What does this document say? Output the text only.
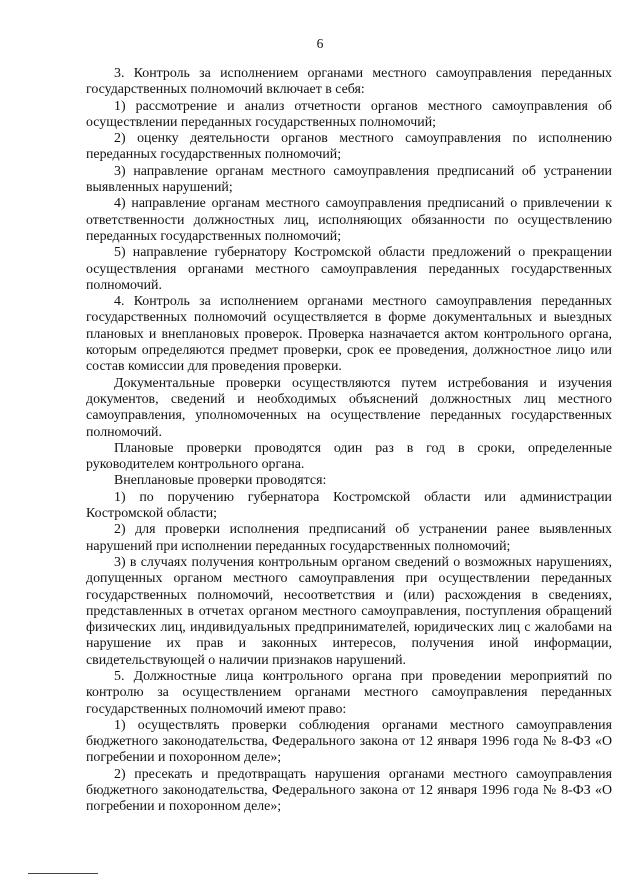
6

3. Контроль за исполнением органами местного самоуправления переданных государственных полномочий включает в себя:

1) рассмотрение и анализ отчетности органов местного самоуправления об осуществлении переданных государственных полномочий;

2) оценку деятельности органов местного самоуправления по исполнению переданных государственных полномочий;

3) направление органам местного самоуправления предписаний об устранении выявленных нарушений;

4) направление органам местного самоуправления предписаний о привлечении к ответственности должностных лиц, исполняющих обязанности по осуществлению переданных государственных полномочий;

5) направление губернатору Костромской области предложений о прекращении осуществления органами местного самоуправления переданных государственных полномочий.

4. Контроль за исполнением органами местного самоуправления переданных государственных полномочий осуществляется в форме документальных и выездных плановых и внеплановых проверок. Проверка назначается актом контрольного органа, которым определяются предмет проверки, срок ее проведения, должностное лицо или состав комиссии для проведения проверки.

Документальные проверки осуществляются путем истребования и изучения документов, сведений и необходимых объяснений должностных лиц местного самоуправления, уполномоченных на осуществление переданных государственных полномочий.

Плановые проверки проводятся один раз в год в сроки, определенные руководителем контрольного органа.

Внеплановые проверки проводятся:

1) по поручению губернатора Костромской области или администрации Костромской области;

2) для проверки исполнения предписаний об устранении ранее выявленных нарушений при исполнении переданных государственных полномочий;

3) в случаях получения контрольным органом сведений о возможных нарушениях, допущенных органом местного самоуправления при осуществлении переданных государственных полномочий, несоответствия и (или) расхождения в сведениях, представленных в отчетах органом местного самоуправления, поступления обращений физических лиц, индивидуальных предпринимателей, юридических лиц с жалобами на нарушение их прав и законных интересов, получения иной информации, свидетельствующей о наличии признаков нарушений.

5. Должностные лица контрольного органа при проведении мероприятий по контролю за осуществлением органами местного самоуправления переданных государственных полномочий имеют право:

1) осуществлять проверки соблюдения органами местного самоуправления бюджетного законодательства, Федерального закона от 12 января 1996 года № 8-ФЗ «О погребении и похоронном деле»;

2) пресекать и предотвращать нарушения органами местного самоуправления бюджетного законодательства, Федерального закона от 12 января 1996 года № 8-ФЗ «О погребении и похоронном деле»;
